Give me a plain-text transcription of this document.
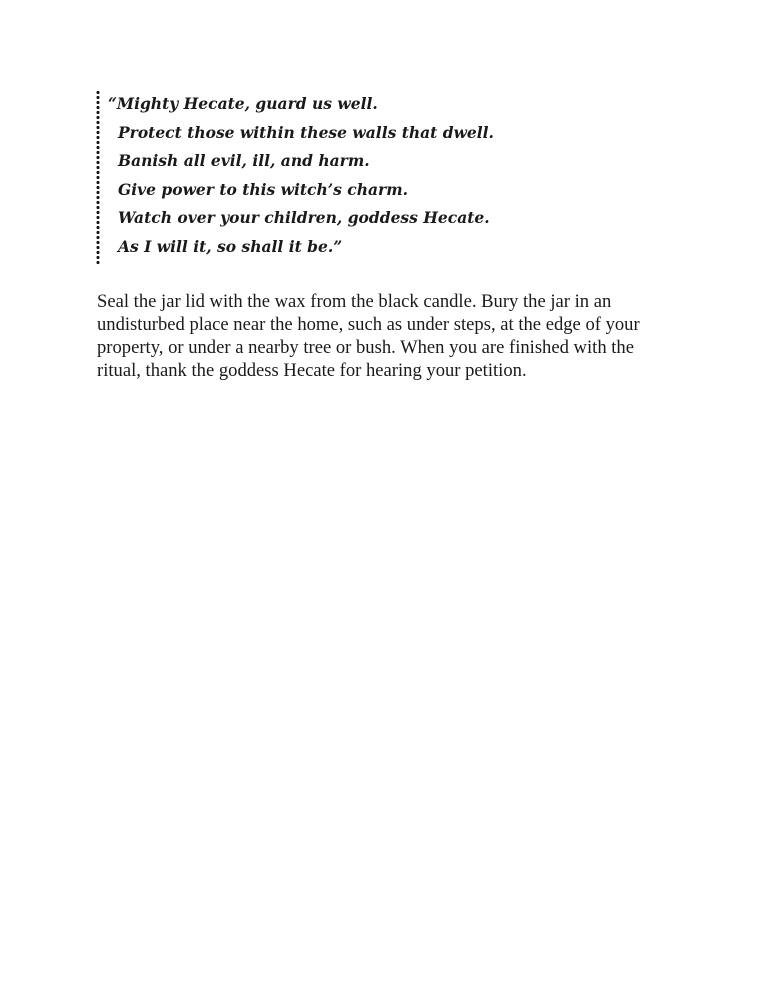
“Mighty Hecate, guard us well.
Protect those within these walls that dwell.
Banish all evil, ill, and harm.
Give power to this witch’s charm.
Watch over your children, goddess Hecate.
As I will it, so shall it be.”

Seal the jar lid with the wax from the black candle. Bury the jar in an undisturbed place near the home, such as under steps, at the edge of your property, or under a nearby tree or bush. When you are finished with the ritual, thank the goddess Hecate for hearing your petition.
